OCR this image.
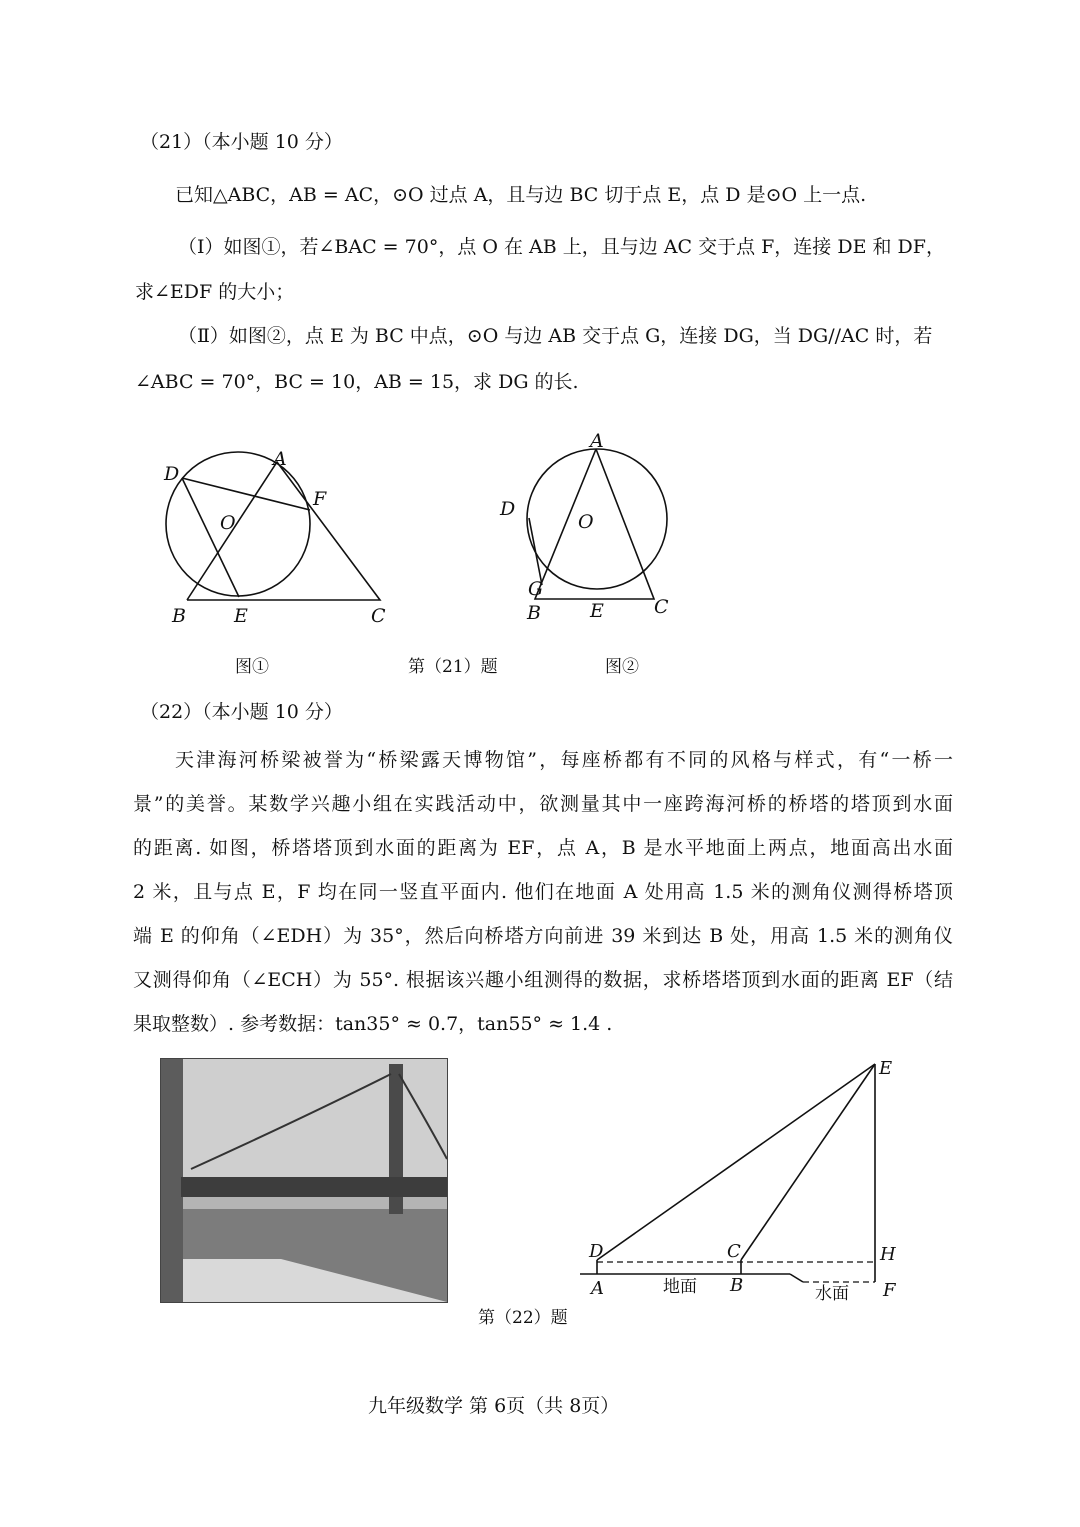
（21）（本小题 10 分）
已知△ABC，AB = AC，⊙O 过点 A，且与边 BC 切于点 E，点 D 是⊙O 上一点.
（Ⅰ）如图①，若∠BAC = 70°，点 O 在 AB 上，且与边 AC 交于点 F，连接 DE 和 DF，
求∠EDF 的大小；
（Ⅱ）如图②，点 E 为 BC 中点，⊙O 与边 AB 交于点 G，连接 DG，当 DG//AC 时，若
∠ABC = 70°，BC = 10，AB = 15，求 DG 的长.
D
A
F
O
B	E	C
A
D
O
G
B	E	C
图①	第（21）题	图②
（22）（本小题 10 分）
天津海河桥梁被誉为“桥梁露天博物馆”，每座桥都有不同的风格与样式，有“一桥一
景”的美誉。某数学兴趣小组在实践活动中，欲测量其中一座跨海河桥的桥塔的塔顶到水面
的距离. 如图，桥塔塔顶到水面的距离为 EF，点 A，B 是水平地面上两点，地面高出水面
2 米，且与点 E，F 均在同一竖直平面内. 他们在地面 A 处用高 1.5 米的测角仪测得桥塔顶
端 E 的仰角（∠EDH）为 35°，然后向桥塔方向前进 39 米到达 B 处，用高 1.5 米的测角仪
又测得仰角（∠ECH）为 55°. 根据该兴趣小组测得的数据，求桥塔塔顶到水面的距离 EF（结
果取整数）. 参考数据：tan35° ≈ 0.7，tan55° ≈ 1.4 .
E
D	C	H
A	B	F
地面	水面
第（22）题
九年级数学 第 6页（共 8页）
